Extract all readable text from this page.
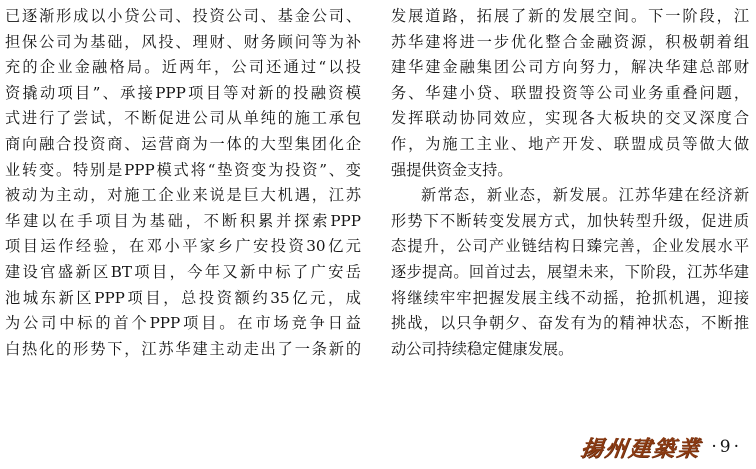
已逐渐形成以小贷公司、投资公司、基金公司、
担保公司为基础，风投、理财、财务顾问等为补
充的企业金融格局。近两年，公司还通过“以投
资撬动项目”、承接PPP项目等对新的投融资模
式进行了尝试，不断促进公司从单纯的施工承包
商向融合投资商、运营商为一体的大型集团化企
业转变。特别是PPP模式将“垫资变为投资”、变
被动为主动，对施工企业来说是巨大机遇，江苏
华建以在手项目为基础，不断积累并探索PPP
项目运作经验，在邓小平家乡广安投资30亿元
建设官盛新区BT项目，今年又新中标了广安岳
池城东新区PPP项目，总投资额约35亿元，成
为公司中标的首个PPP项目。在市场竞争日益
白热化的形势下，江苏华建主动走出了一条新的
发展道路，拓展了新的发展空间。下一阶段，江
苏华建将进一步优化整合金融资源，积极朝着组
建华建金融集团公司方向努力，解决华建总部财
务、华建小贷、联盟投资等公司业务重叠问题，
发挥联动协同效应，实现各大板块的交叉深度合
作，为施工主业、地产开发、联盟成员等做大做
强提供资金支持。
新常态，新业态，新发展。江苏华建在经济新
形势下不断转变发展方式，加快转型升级，促进质
态提升，公司产业链结构日臻完善，企业发展水平
逐步提高。回首过去，展望未来，下阶段，江苏华建
将继续牢牢把握发展主线不动摇，抢抓机遇，迎接
挑战，以只争朝夕、奋发有为的精神状态，不断推
动公司持续稳定健康发展。
揚州建築業 ·9·
